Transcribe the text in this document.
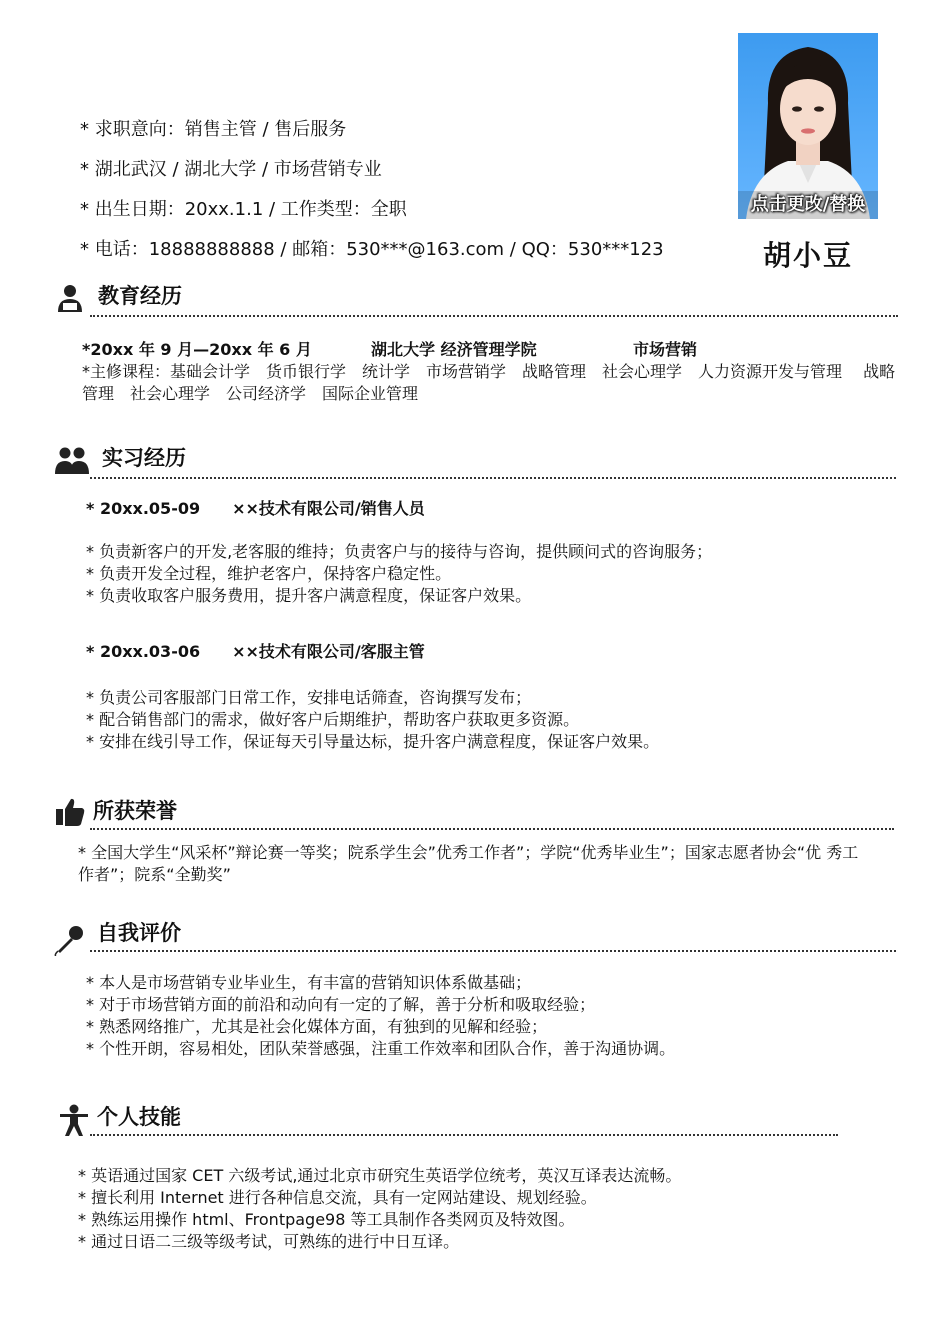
* 求职意向：销售主管 / 售后服务
* 湖北武汉 / 湖北大学 / 市场营销专业
* 出生日期：20xx.1.1 / 工作类型：全职
* 电话：18888888888 / 邮箱：530***@163.com / QQ：530***123
点击更改/替换
胡小豆
教育经历
*20xx 年 9 月—20xx 年 6 月	湖北大学 经济管理学院	市场营销
*主修课程：基础会计学　货币银行学　统计学　市场营销学　战略管理　社会心理学　人力资源开发与管理　 战略管理　社会心理学　公司经济学　国际企业管理
实习经历
* 20xx.05-09　　××技术有限公司/销售人员
* 负责新客户的开发,老客服的维持；负责客户与的接待与咨询，提供顾问式的咨询服务；
* 负责开发全过程，维护老客户，保持客户稳定性。
* 负责收取客户服务费用，提升客户满意程度，保证客户效果。
* 20xx.03-06　　××技术有限公司/客服主管
* 负责公司客服部门日常工作，安排电话筛查，咨询撰写发布；
* 配合销售部门的需求，做好客户后期维护，帮助客户获取更多资源。
* 安排在线引导工作，保证每天引导量达标，提升客户满意程度，保证客户效果。
所获荣誉
* 全国大学生“风采杯”辩论赛一等奖；院系学生会”优秀工作者”；学院“优秀毕业生”；国家志愿者协会“优 秀工作者”；院系“全勤奖”
自我评价
* 本人是市场营销专业毕业生，有丰富的营销知识体系做基础；
* 对于市场营销方面的前沿和动向有一定的了解，善于分析和吸取经验；
* 熟悉网络推广，尤其是社会化媒体方面，有独到的见解和经验；
* 个性开朗，容易相处，团队荣誉感强，注重工作效率和团队合作，善于沟通协调。
个人技能
* 英语通过国家 CET 六级考试,通过北京市研究生英语学位统考，英汉互译表达流畅。
* 擅长利用 Internet 进行各种信息交流，具有一定网站建设、规划经验。
* 熟练运用操作 html、Frontpage98 等工具制作各类网页及特效图。
* 通过日语二三级等级考试，可熟练的进行中日互译。
